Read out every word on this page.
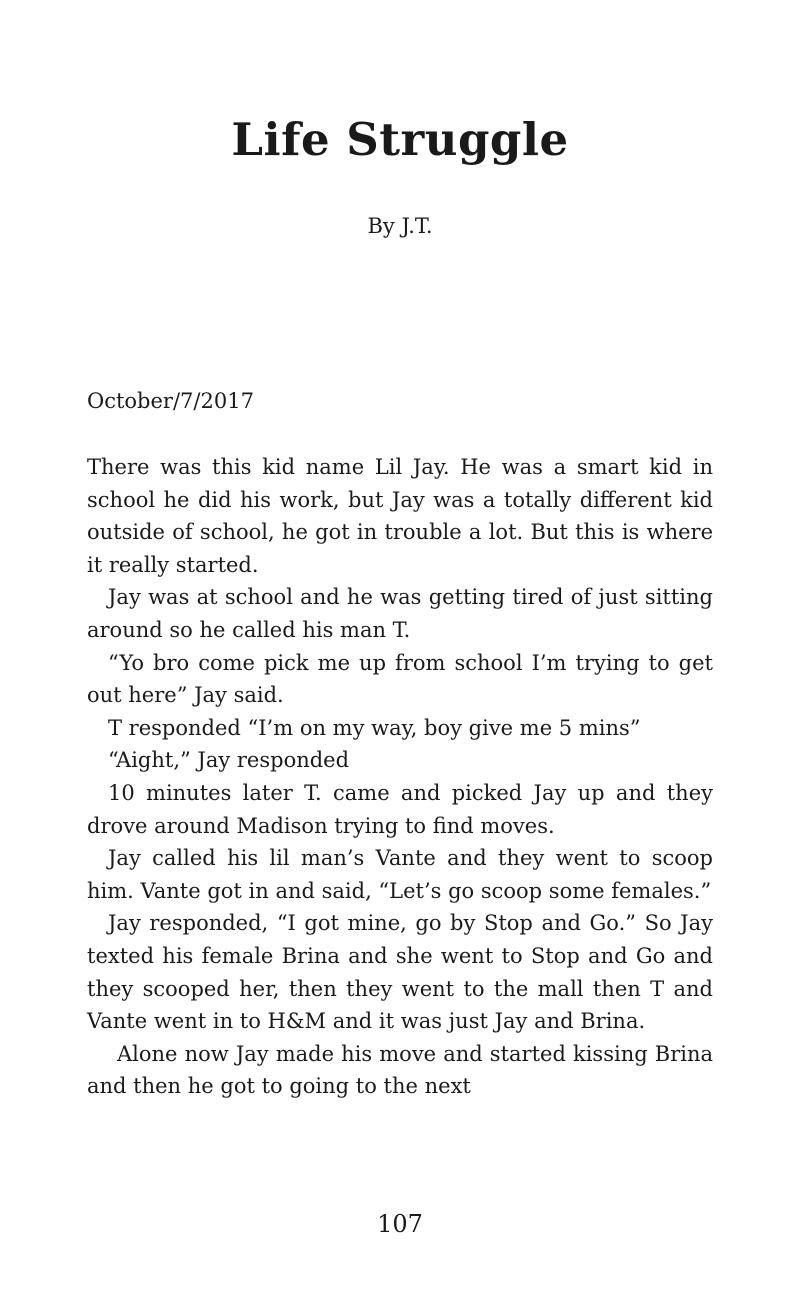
Life Struggle

By J.T.

October/7/2017

There was this kid name Lil Jay. He was a smart kid in school he did his work, but Jay was a totally different kid outside of school, he got in trouble a lot. But this is where it really started.

Jay was at school and he was getting tired of just sitting around so he called his man T.

“Yo bro come pick me up from school I’m trying to get out here” Jay said.

T responded “I’m on my way, boy give me 5 mins”

“Aight,” Jay responded

10 minutes later T. came and picked Jay up and they drove around Madison trying to find moves.

Jay called his lil man’s Vante and they went to scoop him. Vante got in and said, “Let’s go scoop some females.”

Jay responded, “I got mine, go by Stop and Go.” So Jay texted his female Brina and she went to Stop and Go and they scooped her, then they went to the mall then T and Vante went in to H&M and it was just Jay and Brina.

Alone now Jay made his move and started kissing Brina and then he got to going to the next

107
